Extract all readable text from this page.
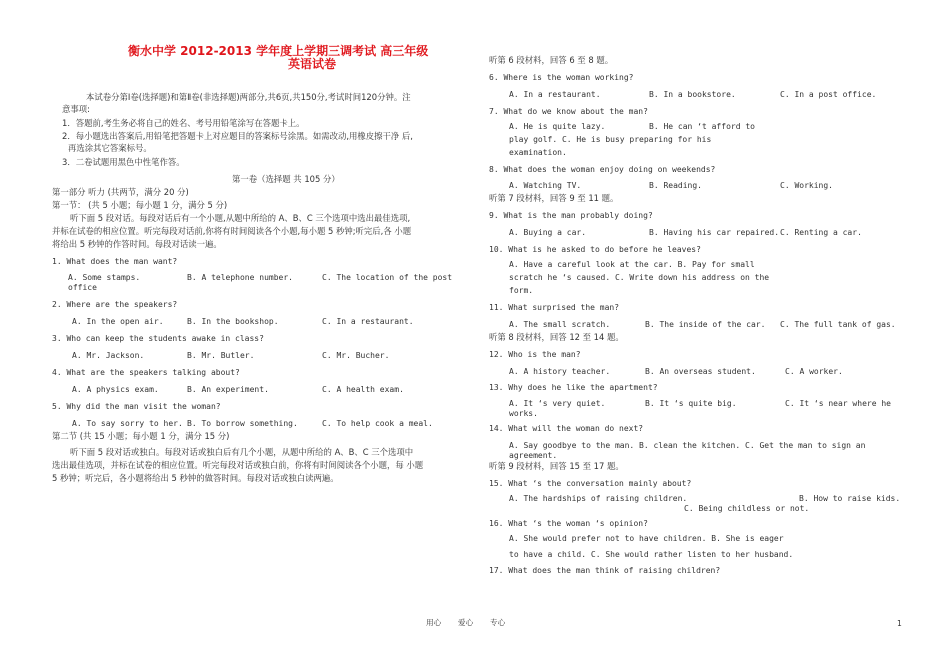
衡水中学 2012-2013 学年度上学期三调考试 高三年级
英语试卷
本试卷分第Ⅰ卷(选择题)和第Ⅱ卷(非选择题)两部分,共6页,共150分,考试时间120分钟。注
意事项:
1．答题前,考生务必将自己的姓名、考号用铅笔涂写在答题卡上。
2．每小题选出答案后,用铅笔把答题卡上对应题目的答案标号涂黑。如需改动,用橡皮擦干净 后,
再选涂其它答案标号。
3．二卷试题用黑色中性笔作答。
第一卷（选择题 共 105 分）
第一部分 听力 (共两节，满分 20 分)
第一节： (共 5 小题；每小题 1 分，满分 5 分)
听下面 5 段对话。每段对话后有一个小题,从题中所给的 A、B、C 三个选项中选出最佳选项,
并标在试卷的相应位置。听完每段对话前,你将有时间阅读各个小题,每小题 5 秒钟;听完后,各 小题
将给出 5 秒钟的作答时间。每段对话读一遍。
1. What does the man want?
A. Some stamps.	B. A telephone number.	C. The location of the post
office
2. Where are the speakers?
A. In the open air.	B. In the bookshop.	C. In a restaurant.
3. Who can keep the students awake in class?
A. Mr. Jackson.	B. Mr. Butler.	C. Mr. Bucher.
4. What are the speakers talking about?
A. A physics exam.	B. An experiment.	C. A health exam.
5. Why did the man visit the woman?
A. To say sorry to her. B. To borrow something.	C. To help cook a meal.
第二节 (共 15 小题；每小题 1 分，满分 15 分)
听下面 5 段对话或独白。每段对话或独白后有几个小题，从题中所给的 A、B、C 三个选项中
选出最佳选项，并标在试卷的相应位置。听完每段对话或独白前，你将有时间阅读各个小题，每 小题
5 秒钟；听完后，各小题将给出 5 秒钟的做答时间。每段对话或独白读两遍。
听第 6 段材料，回答 6 至 8 题。
6. Where is the woman working?
A. In a restaurant.	B. In a bookstore.	C. In a post office.
7. What do we know about the man?
A. He is quite lazy.	B. He can ‘t afford to
play golf. C. He is busy preparing for his
examination.
8. What does the woman enjoy doing on weekends?
A. Watching TV.	B. Reading.	C. Working.
听第 7 段材料，回答 9 至 11 题。
9. What is the man probably doing?
A. Buying a car.	B. Having his car repaired. C. Renting a car.
10. What is he asked to do before he leaves?
A. Have a careful look at the car. B. Pay for small
scratch he ‘s caused. C. Write down his address on the
form.
11. What surprised the man?
A. The small scratch.	B. The inside of the car. C. The full tank of gas.
听第 8 段材料，回答 12 至 14 题。
12. Who is the man?
A. A history teacher.	B. An overseas student.	C. A worker.
13. Why does he like the apartment?
A. It ‘s very quiet.	B. It ‘s quite big.	C. It ‘s near where he
works.
14. What will the woman do next?
A. Say goodbye to the man. B. clean the kitchen. C. Get the man to sign an
agreement.
听第 9 段材料，回答 15 至 17 题。
15. What ‘s the conversation mainly about?
A. The hardships of raising children.	B. How to raise kids.
C. Being childless or not.
16. What ‘s the woman ‘s opinion?
A. She would prefer not to have children. B. She is eager
to have a child. C. She would rather listen to her husband.
17. What does the man think of raising children?
用心 爱心 专心	1
